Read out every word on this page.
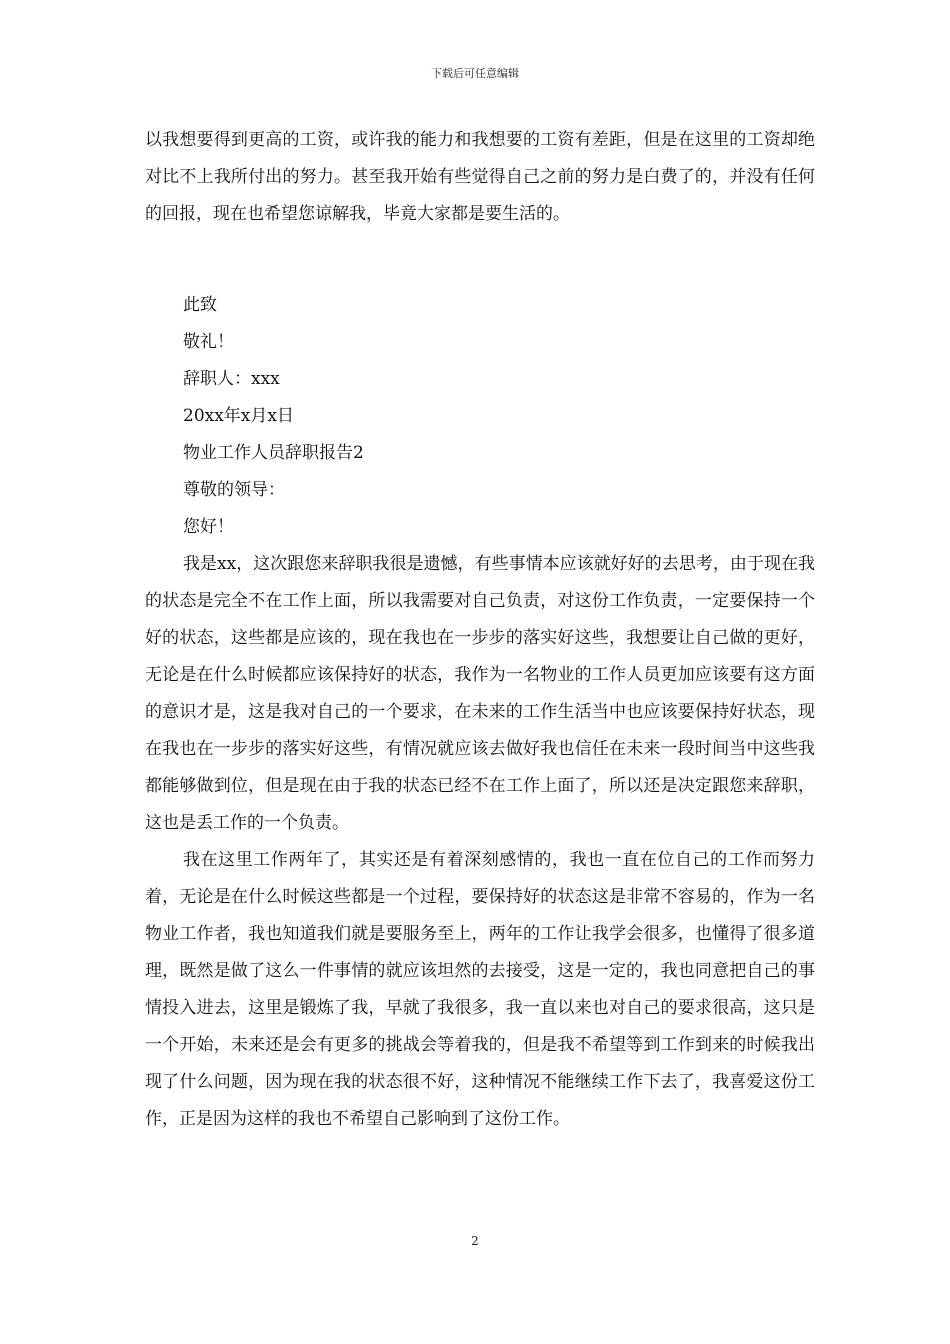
下载后可任意编辑

以我想要得到更高的工资，或许我的能力和我想要的工资有差距，但是在这里的工资却绝对比不上我所付出的努力。甚至我开始有些觉得自己之前的努力是白费了的，并没有任何的回报，现在也希望您谅解我，毕竟大家都是要生活的。

此致

敬礼！

辞职人：xxx

20xx年x月x日

物业工作人员辞职报告2

尊敬的领导：

您好！

我是xx，这次跟您来辞职我很是遗憾，有些事情本应该就好好的去思考，由于现在我的状态是完全不在工作上面，所以我需要对自己负责，对这份工作负责，一定要保持一个好的状态，这些都是应该的，现在我也在一步步的落实好这些，我想要让自己做的更好，无论是在什么时候都应该保持好的状态，我作为一名物业的工作人员更加应该要有这方面的意识才是，这是我对自己的一个要求，在未来的工作生活当中也应该要保持好状态，现在我也在一步步的落实好这些，有情况就应该去做好我也信任在未来一段时间当中这些我都能够做到位，但是现在由于我的状态已经不在工作上面了，所以还是决定跟您来辞职，这也是丢工作的一个负责。

我在这里工作两年了，其实还是有着深刻感情的，我也一直在位自己的工作而努力着，无论是在什么时候这些都是一个过程，要保持好的状态这是非常不容易的，作为一名物业工作者，我也知道我们就是要服务至上，两年的工作让我学会很多，也懂得了很多道理，既然是做了这么一件事情的就应该坦然的去接受，这是一定的，我也同意把自己的事情投入进去，这里是锻炼了我，早就了我很多，我一直以来也对自己的要求很高，这只是一个开始，未来还是会有更多的挑战会等着我的，但是我不希望等到工作到来的时候我出现了什么问题，因为现在我的状态很不好，这种情况不能继续工作下去了，我喜爱这份工作，正是因为这样的我也不希望自己影响到了这份工作。

2
